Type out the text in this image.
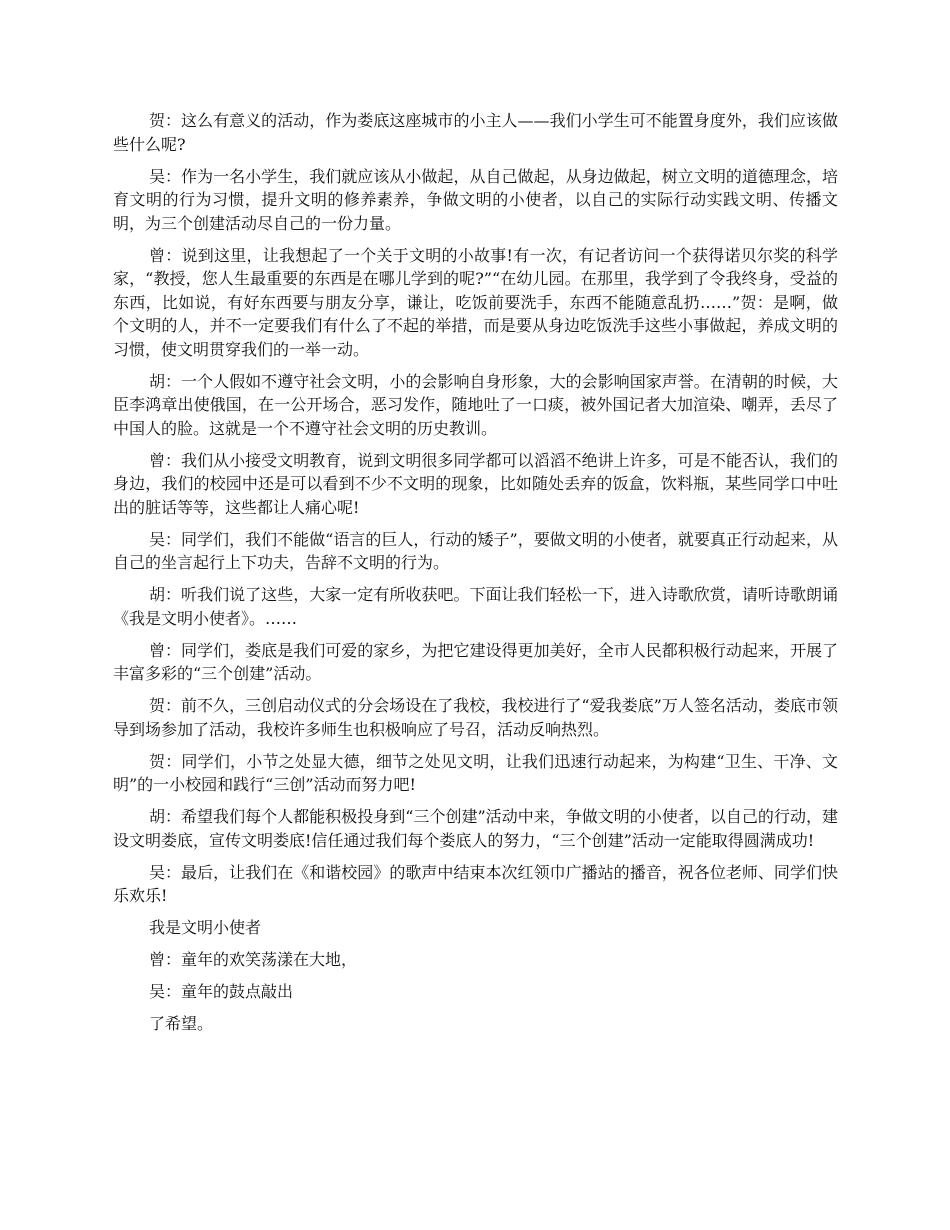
贺：这么有意义的活动，作为娄底这座城市的小主人——我们小学生可不能置身度外，我们应该做些什么呢?

吴：作为一名小学生，我们就应该从小做起，从自己做起，从身边做起，树立文明的道德理念，培育文明的行为习惯，提升文明的修养素养，争做文明的小使者，以自己的实际行动实践文明、传播文明，为三个创建活动尽自己的一份力量。

曾：说到这里，让我想起了一个关于文明的小故事!有一次，有记者访问一个获得诺贝尔奖的科学家，“教授，您人生最重要的东西是在哪儿学到的呢?”“在幼儿园。在那里，我学到了令我终身，受益的东西，比如说，有好东西要与朋友分享，谦让，吃饭前要洗手，东西不能随意乱扔……”贺：是啊，做个文明的人，并不一定要我们有什么了不起的举措，而是要从身边吃饭洗手这些小事做起，养成文明的习惯，使文明贯穿我们的一举一动。

胡：一个人假如不遵守社会文明，小的会影响自身形象，大的会影响国家声誉。在清朝的时候，大臣李鸿章出使俄国，在一公开场合，恶习发作，随地吐了一口痰，被外国记者大加渲染、嘲弄，丢尽了中国人的脸。这就是一个不遵守社会文明的历史教训。

曾：我们从小接受文明教育，说到文明很多同学都可以滔滔不绝讲上许多，可是不能否认，我们的身边，我们的校园中还是可以看到不少不文明的现象，比如随处丢弃的饭盒，饮料瓶，某些同学口中吐出的脏话等等，这些都让人痛心呢!

吴：同学们，我们不能做“语言的巨人，行动的矮子”，要做文明的小使者，就要真正行动起来，从自己的坐言起行上下功夫，告辞不文明的行为。

胡：听我们说了这些，大家一定有所收获吧。下面让我们轻松一下，进入诗歌欣赏，请听诗歌朗诵《我是文明小使者》。……

曾：同学们，娄底是我们可爱的家乡，为把它建设得更加美好，全市人民都积极行动起来，开展了丰富多彩的“三个创建”活动。

贺：前不久，三创启动仪式的分会场设在了我校，我校进行了“爱我娄底”万人签名活动，娄底市领导到场参加了活动，我校许多师生也积极响应了号召，活动反响热烈。

贺：同学们，小节之处显大德，细节之处见文明，让我们迅速行动起来，为构建“卫生、干净、文明”的一小校园和践行“三创”活动而努力吧!

胡：希望我们每个人都能积极投身到“三个创建”活动中来，争做文明的小使者，以自己的行动，建设文明娄底，宣传文明娄底!信任通过我们每个娄底人的努力，“三个创建”活动一定能取得圆满成功!

吴：最后，让我们在《和谐校园》的歌声中结束本次红领巾广播站的播音，祝各位老师、同学们快乐欢乐!

我是文明小使者

曾：童年的欢笑荡漾在大地，

吴：童年的鼓点敲出

了希望。
